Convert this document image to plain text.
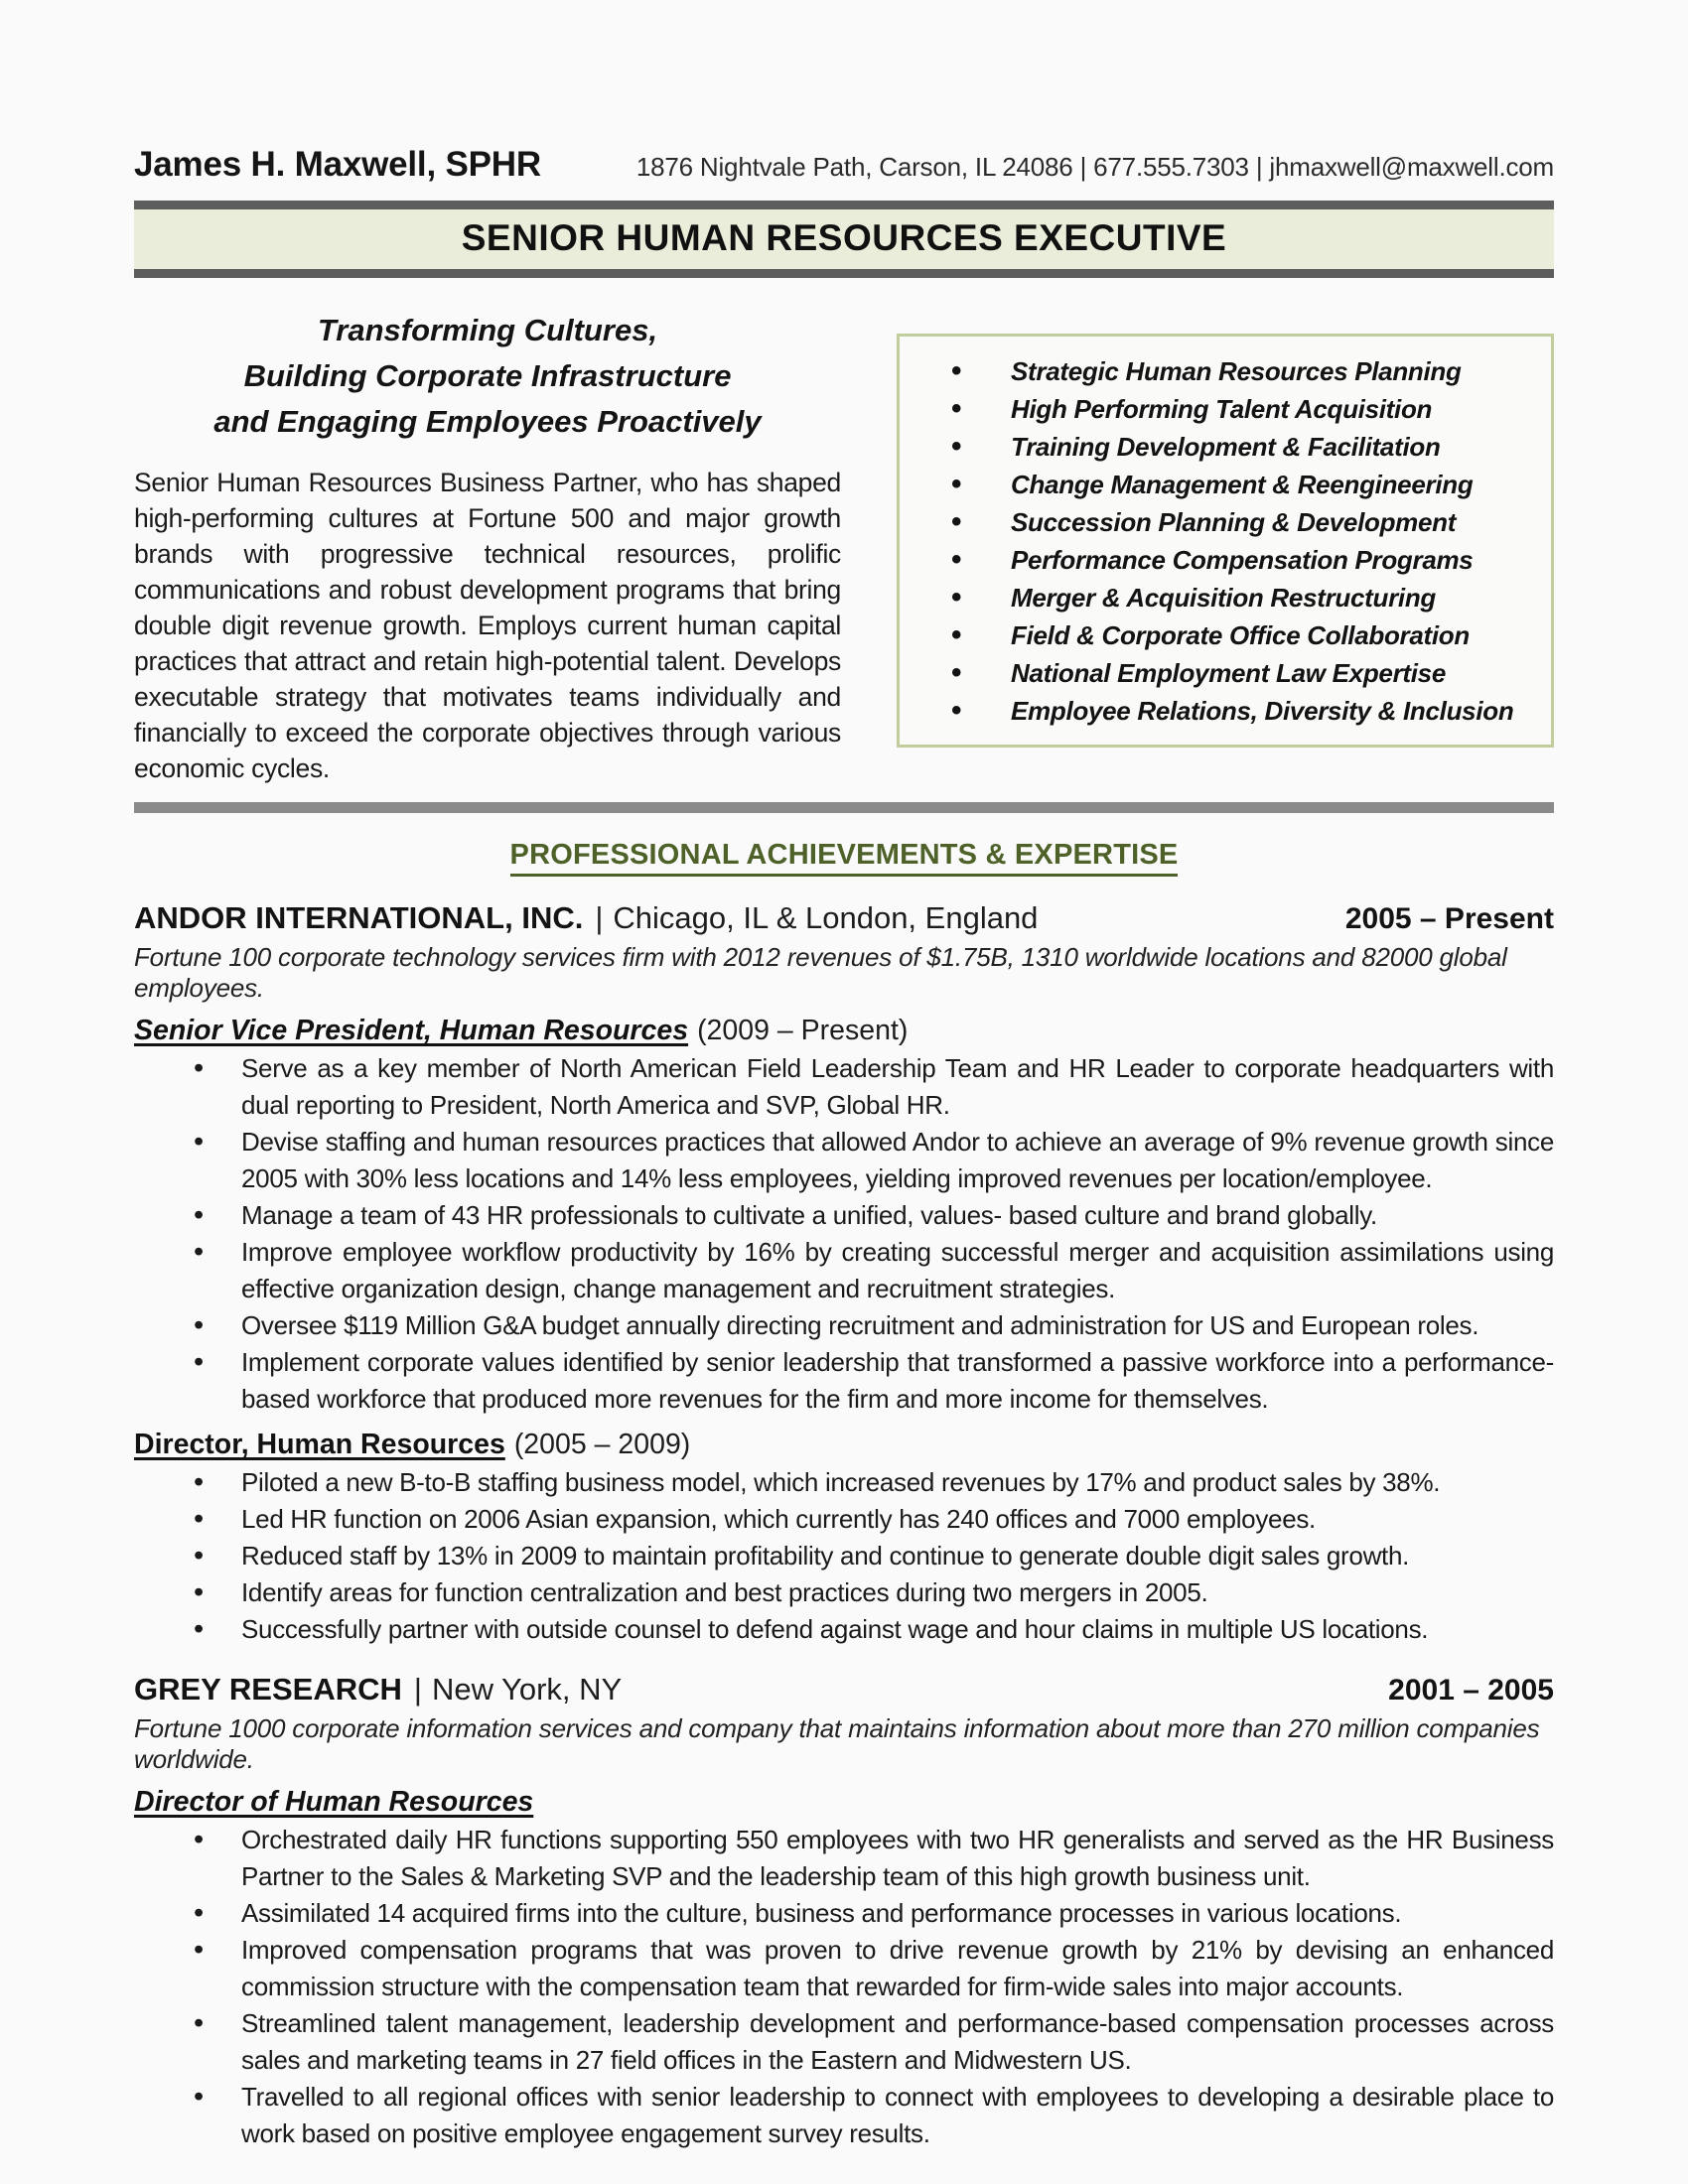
James H. Maxwell, SPHR	1876 Nightvale Path, Carson, IL 24086 | 677.555.7303 | jhmaxwell@maxwell.com
SENIOR HUMAN RESOURCES EXECUTIVE
Transforming Cultures,
Building Corporate Infrastructure
and Engaging Employees Proactively
Senior Human Resources Business Partner, who has shaped high-performing cultures at Fortune 500 and major growth brands with progressive technical resources, prolific communications and robust development programs that bring double digit revenue growth. Employs current human capital practices that attract and retain high-potential talent. Develops executable strategy that motivates teams individually and financially to exceed the corporate objectives through various economic cycles.
• Strategic Human Resources Planning
• High Performing Talent Acquisition
• Training Development & Facilitation
• Change Management & Reengineering
• Succession Planning & Development
• Performance Compensation Programs
• Merger & Acquisition Restructuring
• Field & Corporate Office Collaboration
• National Employment Law Expertise
• Employee Relations, Diversity & Inclusion
PROFESSIONAL ACHIEVEMENTS & EXPERTISE
ANDOR INTERNATIONAL, INC. | Chicago, IL & London, England	2005 – Present
Fortune 100 corporate technology services firm with 2012 revenues of $1.75B, 1310 worldwide locations and 82000 global employees.
Senior Vice President, Human Resources (2009 – Present)
• Serve as a key member of North American Field Leadership Team and HR Leader to corporate headquarters with dual reporting to President, North America and SVP, Global HR.
• Devise staffing and human resources practices that allowed Andor to achieve an average of 9% revenue growth since 2005 with 30% less locations and 14% less employees, yielding improved revenues per location/employee.
• Manage a team of 43 HR professionals to cultivate a unified, values- based culture and brand globally.
• Improve employee workflow productivity by 16% by creating successful merger and acquisition assimilations using effective organization design, change management and recruitment strategies.
• Oversee $119 Million G&A budget annually directing recruitment and administration for US and European roles.
• Implement corporate values identified by senior leadership that transformed a passive workforce into a performance-based workforce that produced more revenues for the firm and more income for themselves.
Director, Human Resources (2005 – 2009)
• Piloted a new B-to-B staffing business model, which increased revenues by 17% and product sales by 38%.
• Led HR function on 2006 Asian expansion, which currently has 240 offices and 7000 employees.
• Reduced staff by 13% in 2009 to maintain profitability and continue to generate double digit sales growth.
• Identify areas for function centralization and best practices during two mergers in 2005.
• Successfully partner with outside counsel to defend against wage and hour claims in multiple US locations.
GREY RESEARCH | New York, NY	2001 – 2005
Fortune 1000 corporate information services and company that maintains information about more than 270 million companies worldwide.
Director of Human Resources
• Orchestrated daily HR functions supporting 550 employees with two HR generalists and served as the HR Business Partner to the Sales & Marketing SVP and the leadership team of this high growth business unit.
• Assimilated 14 acquired firms into the culture, business and performance processes in various locations.
• Improved compensation programs that was proven to drive revenue growth by 21% by devising an enhanced commission structure with the compensation team that rewarded for firm-wide sales into major accounts.
• Streamlined talent management, leadership development and performance-based compensation processes across sales and marketing teams in 27 field offices in the Eastern and Midwestern US.
• Travelled to all regional offices with senior leadership to connect with employees to developing a desirable place to work based on positive employee engagement survey results.
